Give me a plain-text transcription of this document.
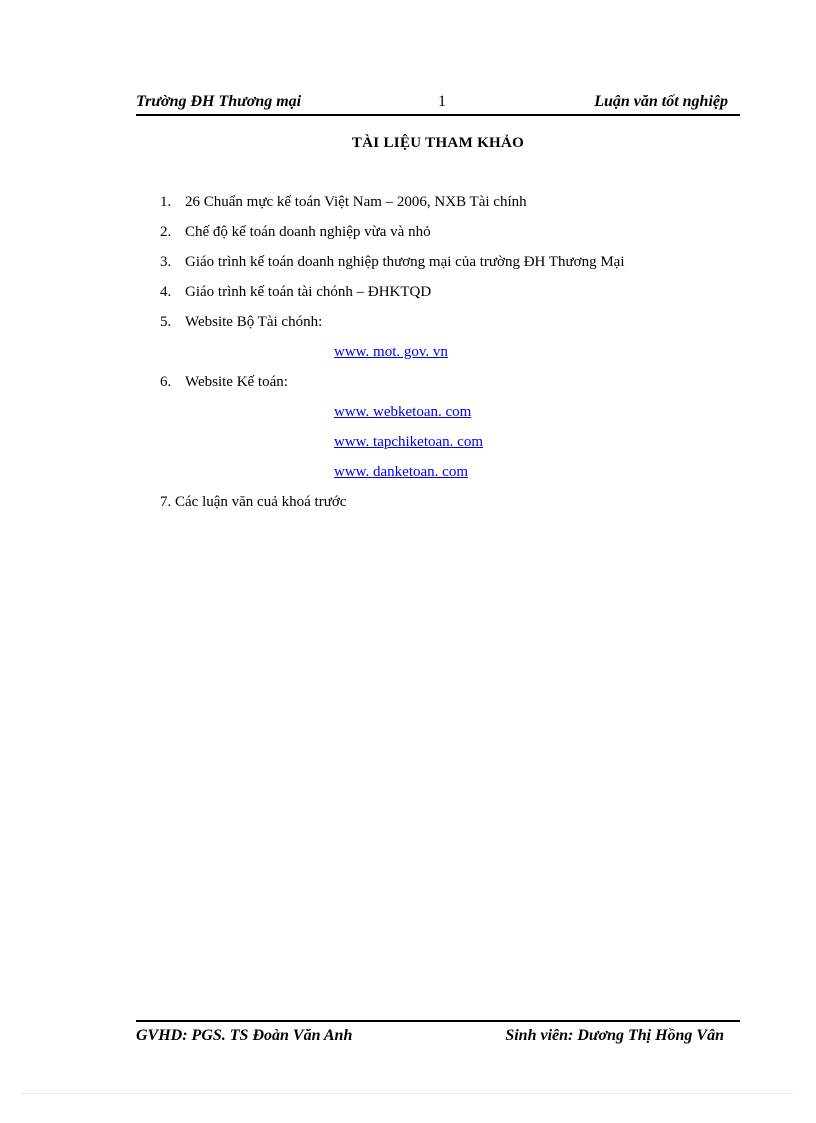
Trường ĐH Thương mại	1	Luận văn tốt nghiệp
TÀI LIỆU THAM KHẢO
1. 26 Chuẩn mực kế toán Việt Nam – 2006, NXB Tài chính
2. Chế độ kế toán doanh nghiệp vừa và nhỏ
3. Giáo trình kế toán doanh nghiệp thương mại của trường ĐH Thương Mại
4. Giáo trình kế toán tài chónh – ĐHKTQD
5. Website Bộ Tài chónh:
www. mot. gov. vn
6. Website Kế toán:
www. webketoan. com
www. tapchiketoan. com
www. danketoan. com
7. Các luận văn cuả khoá trước
GVHD: PGS. TS Đoàn Văn Anh	Sinh viên: Dương Thị Hồng Vân
